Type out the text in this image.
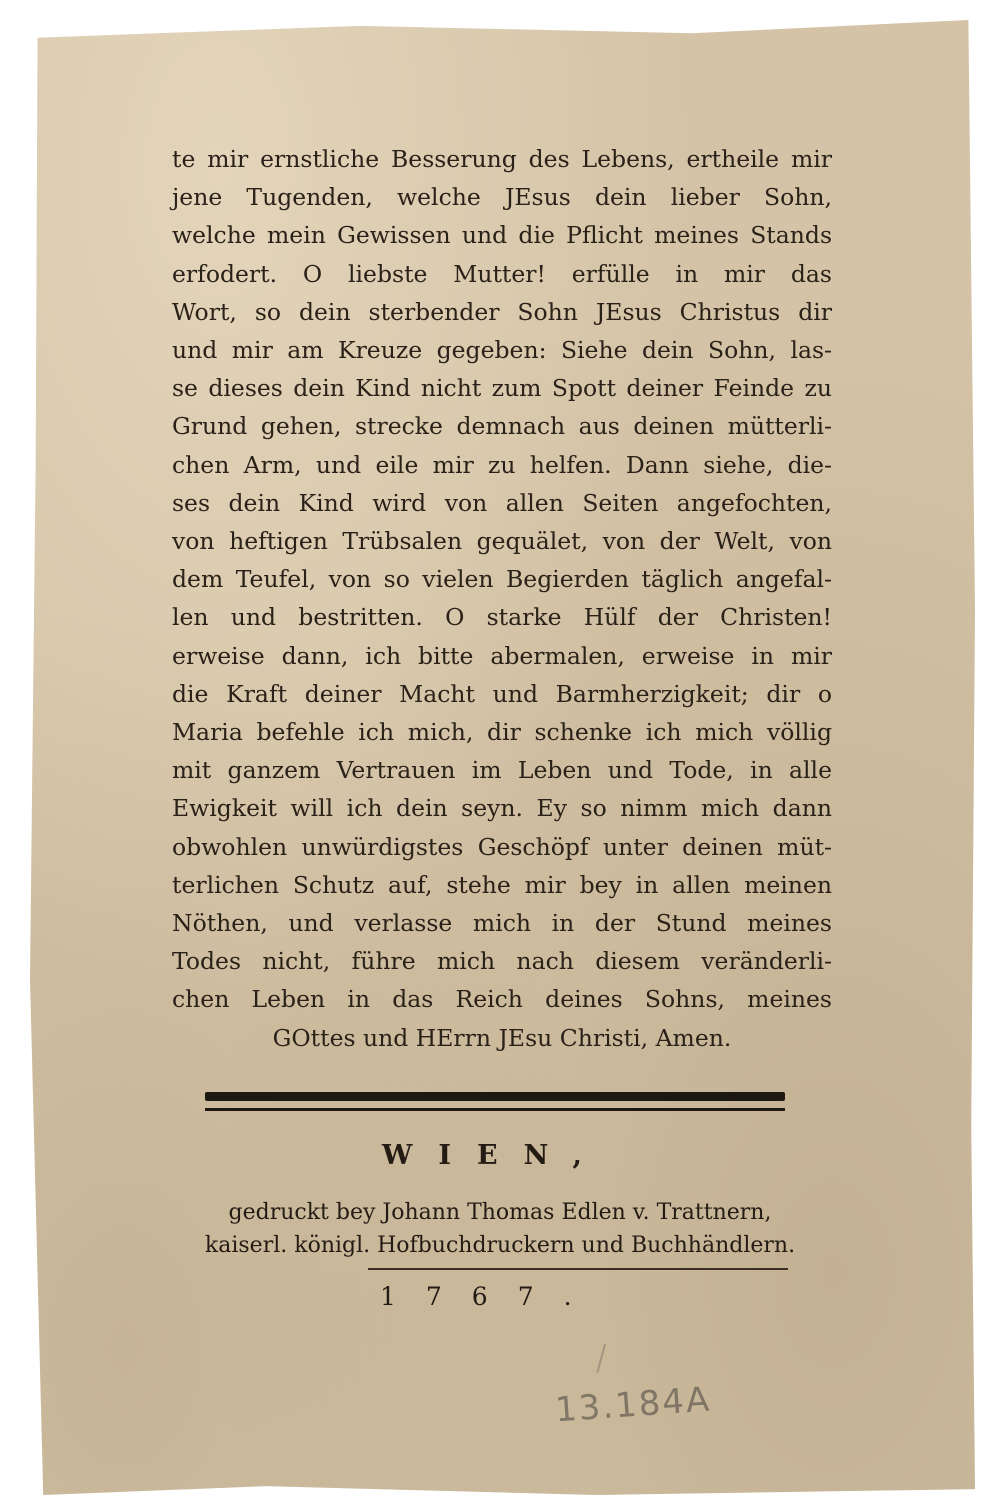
te mir ernstliche Besserung des Lebens, ertheile mir
jene Tugenden, welche JEsus dein lieber Sohn,
welche mein Gewissen und die Pflicht meines Stands
erfodert. O liebste Mutter! erfülle in mir das
Wort, so dein sterbender Sohn JEsus Christus dir
und mir am Kreuze gegeben: Siehe dein Sohn, las-
se dieses dein Kind nicht zum Spott deiner Feinde zu
Grund gehen, strecke demnach aus deinen mütterli-
chen Arm, und eile mir zu helfen. Dann siehe, die-
ses dein Kind wird von allen Seiten angefochten,
von heftigen Trübsalen gequälet, von der Welt, von
dem Teufel, von so vielen Begierden täglich angefal-
len und bestritten. O starke Hülf der Christen!
erweise dann, ich bitte abermalen, erweise in mir
die Kraft deiner Macht und Barmherzigkeit; dir o
Maria befehle ich mich, dir schenke ich mich völlig
mit ganzem Vertrauen im Leben und Tode, in alle
Ewigkeit will ich dein seyn. Ey so nimm mich dann
obwohlen unwürdigstes Geschöpf unter deinen müt-
terlichen Schutz auf, stehe mir bey in allen meinen
Nöthen, und verlasse mich in der Stund meines
Todes nicht, führe mich nach diesem veränderli-
chen Leben in das Reich deines Sohns, meines
GOttes und HErrn JEsu Christi, Amen.
WIEN,
gedruckt bey Johann Thomas Edlen v. Trattnern,
kaiserl. königl. Hofbuchdruckern und Buchhändlern.
1767.
13.184A
